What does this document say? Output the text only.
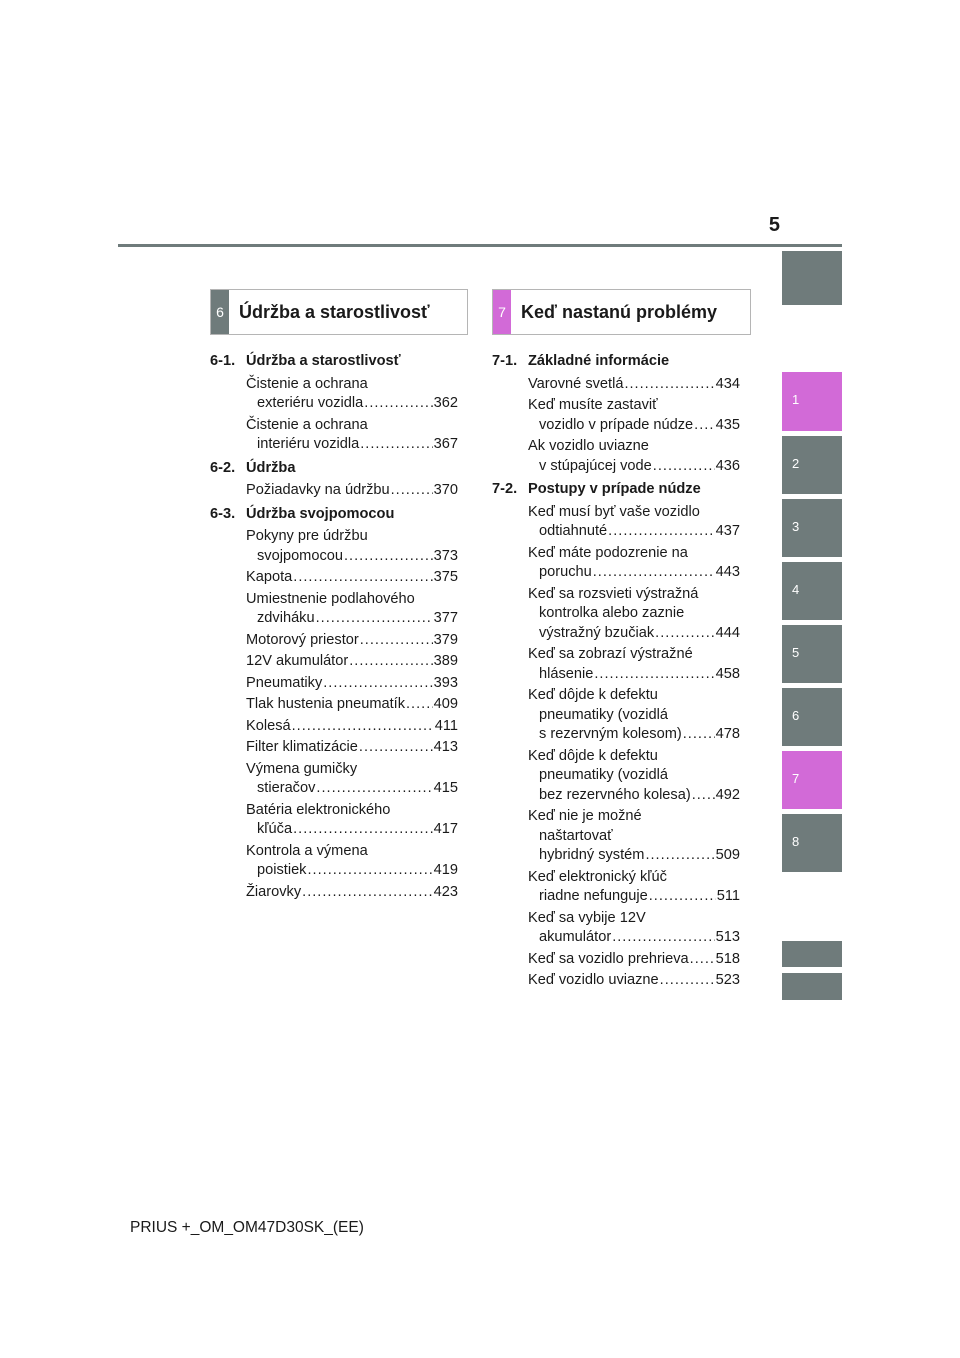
5
1
2
3
4
5
6
7
8
6 Údržba a starostlivosť	7 Keď nastanú problémy
6-1. Údržba a starostlivosť
Čistenie a ochrana
exteriéru vozidla .....	362
Čistenie a ochrana
interiéru vozidla .....	367
6-2. Údržba
Požiadavky na údržbu .....	370
6-3. Údržba svojpomocou
Pokyny pre údržbu
svojpomocou .....	373
Kapota .....	375
Umiestnenie podlahového
zdviháku .....	377
Motorový priestor .....	379
12V akumulátor .....	389
Pneumatiky .....	393
Tlak hustenia pneumatík ..... 409
Kolesá .....	411
Filter klimatizácie .....	413
Výmena gumičky
stieračov .....	415
Batéria elektronického
kľúča .....	417
Kontrola a výmena
poistiek .....	419
Žiarovky .....	423
7-1. Základné informácie
Varovné svetlá .....	434
Keď musíte zastaviť
vozidlo v prípade núdze ..... 435
Ak vozidlo uviazne
v stúpajúcej vode .....	436
7-2. Postupy v prípade núdze
Keď musí byť vaše vozidlo
odtiahnuté .....	437
Keď máte podozrenie na
poruchu .....	443
Keď sa rozsvieti výstražná
kontrolka alebo zaznie
výstražný bzučiak .....	444
Keď sa zobrazí výstražné
hlásenie .....	458
Keď dôjde k defektu
pneumatiky (vozidlá
s rezervným kolesom) ..... 478
Keď dôjde k defektu
pneumatiky (vozidlá
bez rezervného kolesa) ..... 492
Keď nie je možné
naštartovať
hybridný systém .....	509
Keď elektronický kľúč
riadne nefunguje .....	511
Keď sa vybije 12V
akumulátor .....	513
Keď sa vozidlo prehrieva ..... 518
Keď vozidlo uviazne .....	523
PRIUS +_OM_OM47D30SK_(EE)
